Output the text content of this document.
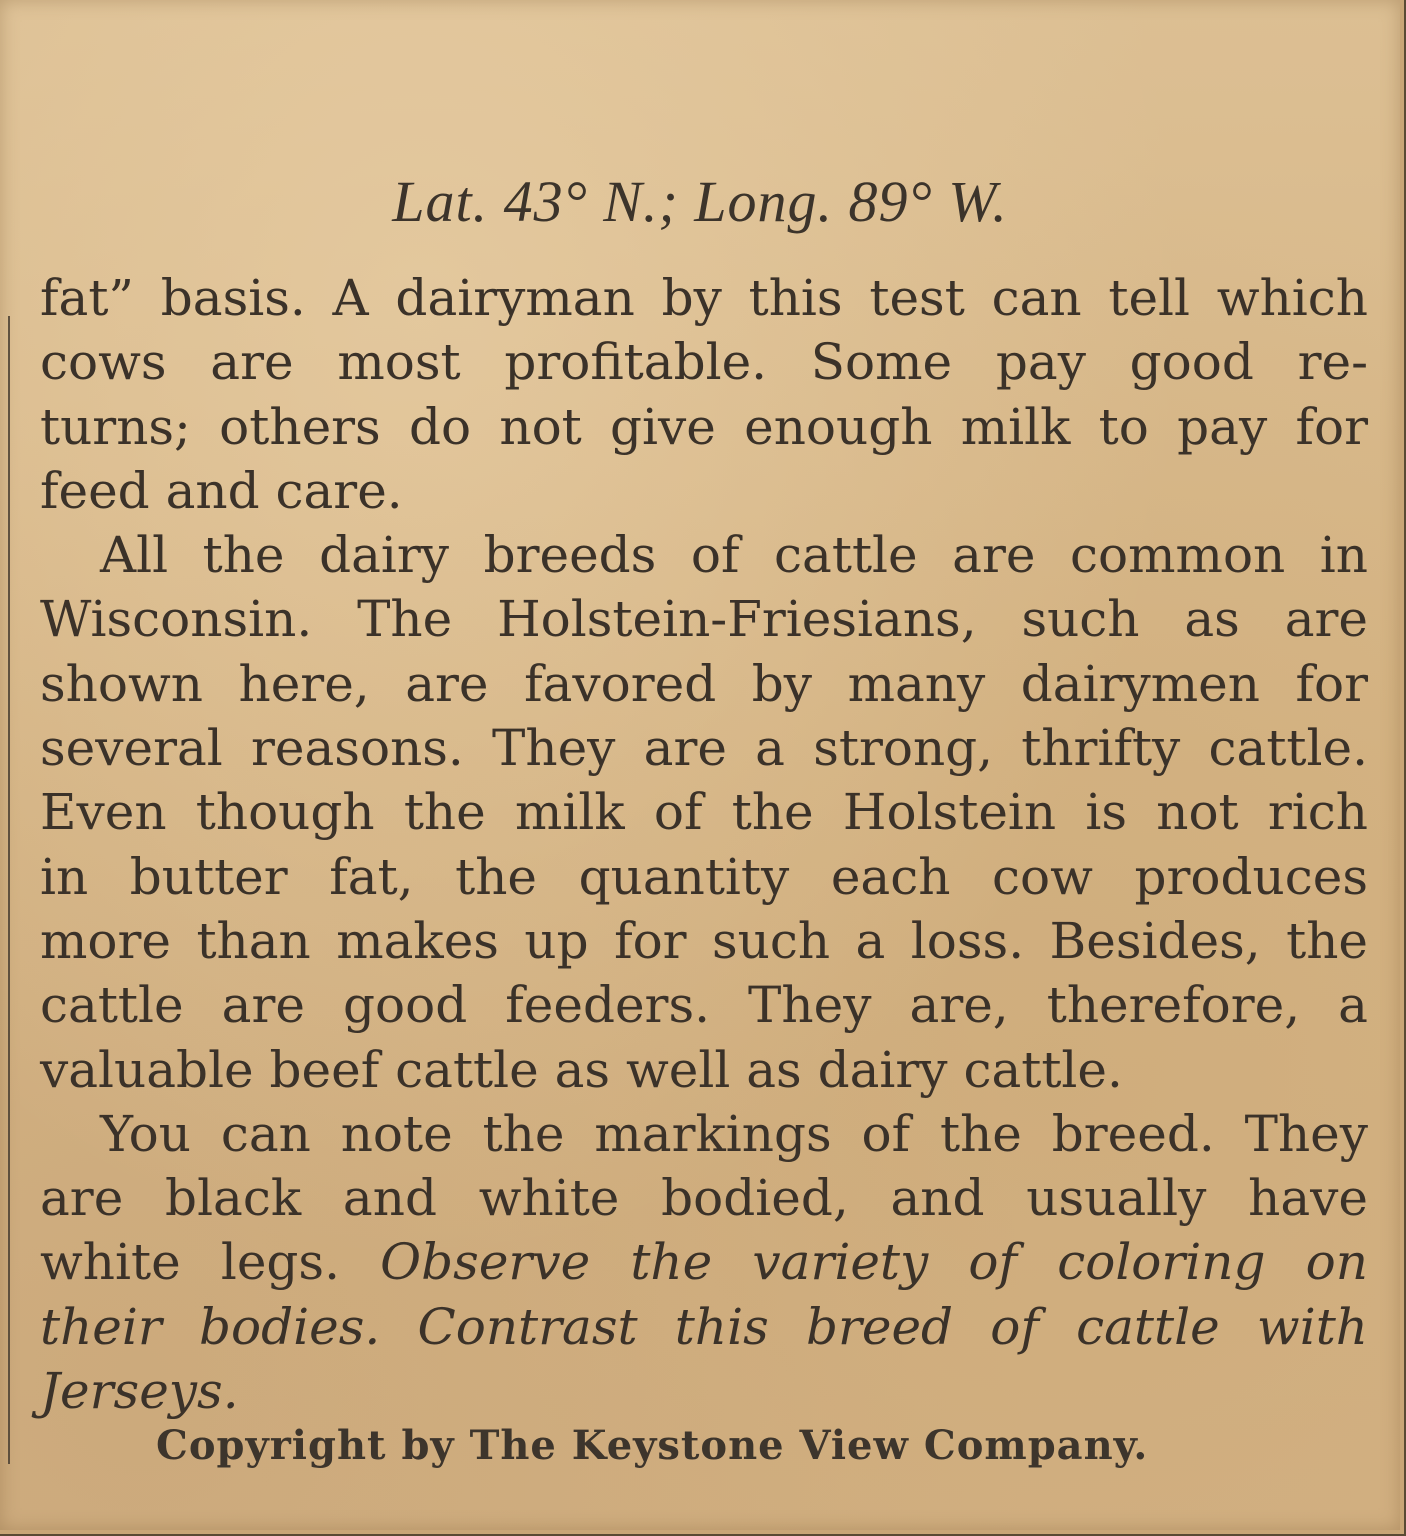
Lat. 43° N.; Long. 89° W.
fat” basis. A dairyman by this test can tell which
cows are most profitable. Some pay good re-
turns; others do not give enough milk to pay for
feed and care.
All the dairy breeds of cattle are common in
Wisconsin. The Holstein-Friesians, such as are
shown here, are favored by many dairymen for
several reasons. They are a strong, thrifty cattle.
Even though the milk of the Holstein is not rich
in butter fat, the quantity each cow produces
more than makes up for such a loss. Besides, the
cattle are good feeders. They are, therefore, a
valuable beef cattle as well as dairy cattle.
You can note the markings of the breed. They
are black and white bodied, and usually have
white legs. Observe the variety of coloring on
their bodies. Contrast this breed of cattle with
Jerseys.
Copyright by The Keystone View Company.
